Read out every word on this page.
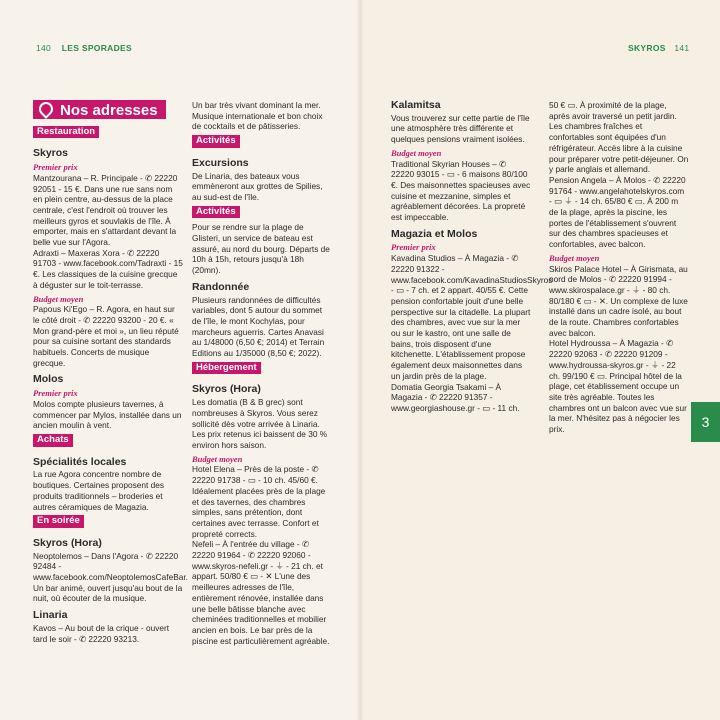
140 LES SPORADES	SKYROS 141
Nos adresses
Restauration
Skyros
Premier prix

Mantzourana – R. Principale - ✆ 22220 92051 - 15 €. Dans une rue sans nom en plein centre, au-dessus de la place centrale, c'est l'endroit où trouver les meilleurs gyros et souvlakis de l'île. À emporter, mais en s'attardant devant la belle vue sur l'Agora.

Adraxti – Maxeras Xora - ✆ 22220 91703 - www.facebook.com/Tadraxti - 15 €. Les classiques de la cuisine grecque à déguster sur le toit-terrasse.

Budget moyen

Papous Ki'Ego – R. Agora, en haut sur le côté droit - ✆ 22220 93200 - 20 €. « Mon grand-père et moi », un lieu réputé pour sa cuisine sortant des standards habituels. Concerts de musique grecque.

Molos
Premier prix

Molos compte plusieurs tavernes, à commencer par Mylos, installée dans un ancien moulin à vent.

Achats
Spécialités locales

La rue Agora concentre nombre de boutiques. Certaines proposent des produits traditionnels – broderies et autres céramiques de Magazia.

En soirée
Skyros (Hora)

Neoptolemos – Dans l'Agora - ✆ 22220 92484 - www.facebook.com/NeoptolemosCafeBar. Un bar animé, ouvert jusqu'au bout de la nuit, où écouter de la musique.

Linaria

Kavos – Au bout de la crique - ouvert tard le soir - ✆ 22220 93213.

Un bar très vivant dominant la mer. Musique internationale et bon choix de cocktails et de pâtisseries.

Activités
Excursions

De Linaria, des bateaux vous emmèneront aux grottes de Spilies, au sud-est de l'île.

Activités

Pour se rendre sur la plage de Glisteri, un service de bateau est assuré, au nord du bourg. Départs de 10h à 15h, retours jusqu'à 18h (20mn).

Randonnée

Plusieurs randonnées de difficultés variables, dont 5 autour du sommet de l'île, le mont Kochylas, pour marcheurs aguerris. Cartes Anavasi au 1/48000 (6,50 €; 2014) et Terrain Editions au 1/35000 (8,50 €; 2022).

Hébergement
Skyros (Hora)

Les domatia (B & B grec) sont nombreuses à Skyros. Vous serez sollicité dès votre arrivée à Linaria. Les prix retenus ici baissent de 30 % environ hors saison.

Budget moyen

Hotel Elena – Près de la poste - ✆ 22220 91738 - ▭ - 10 ch. 45/60 €. Idéalement placées près de la plage et des tavernes, des chambres simples, sans prétention, dont certaines avec terrasse. Confort et propreté corrects.

Nefeli – À l'entrée du village - ✆ 22220 91964 - ✆ 22220 92060 - www.skyros-nefeli.gr - ⏚ - 21 ch. et appart. 50/80 € ▭ - ✕ L'une des meilleures adresses de l'île, entièrement rénovée, installée dans une belle bâtisse blanche avec cheminées traditionnelles et mobilier ancien en bois. Le bar près de la piscine est particulièrement agréable.

Kalamitsa

Vous trouverez sur cette partie de l'île une atmosphère très différente et quelques pensions vraiment isolées.

Budget moyen

Traditional Skyrian Houses – ✆ 22220 93015 - ▭ - 6 maisons 80/100 €. Des maisonnettes spacieuses avec cuisine et mezzanine, simples et agréablement décorées. La propreté est impeccable.

Magazia et Molos
Premier prix

Kavadina Studios – À Magazia - ✆ 22220 91322 - www.facebook.com/KavadinaStudiosSkyros - ▭ - 7 ch. et 2 appart. 40/55 €. Cette pension confortable jouit d'une belle perspective sur la citadelle. La plupart des chambres, avec vue sur la mer ou sur le kastro, ont une salle de bains, trois disposent d'une kitchenette. L'établissement propose également deux maisonnettes dans un jardin près de la plage.

Domatia Georgia Tsakami – À Magazia - ✆ 22220 91357 - www.georgiashouse.gr - ▭ - 11 ch.

50 € ▭. À proximité de la plage, après avoir traversé un petit jardin. Les chambres fraîches et confortables sont équipées d'un réfrigérateur. Accès libre à la cuisine pour préparer votre petit-déjeuner. On y parle anglais et allemand.

Pension Angela – À Molos - ✆ 22220 91764 - www.angelahotelskyros.com - ▭ ⏚ - 14 ch. 65/80 € ▭. À 200 m de la plage, après la piscine, les portes de l'établissement s'ouvrent sur des chambres spacieuses et confortables, avec balcon.

Budget moyen

Skiros Palace Hotel – À Girismata, au nord de Molos - ✆ 22220 91994 - www.skirospalace.gr - ⏚ - 80 ch. 80/180 € ▭ - ✕. Un complexe de luxe installé dans un cadre isolé, au bout de la route. Chambres confortables avec balcon.

Hotel Hydroussa – À Magazia - ✆ 22220 92063 - ✆ 22220 91209 - www.hydroussa-skyros.gr - ⏚ - 22 ch. 99/190 € ▭. Principal hôtel de la plage, cet établissement occupe un site très agréable. Toutes les chambres ont un balcon avec vue sur la mer. N'hésitez pas à négocier les prix.	3
